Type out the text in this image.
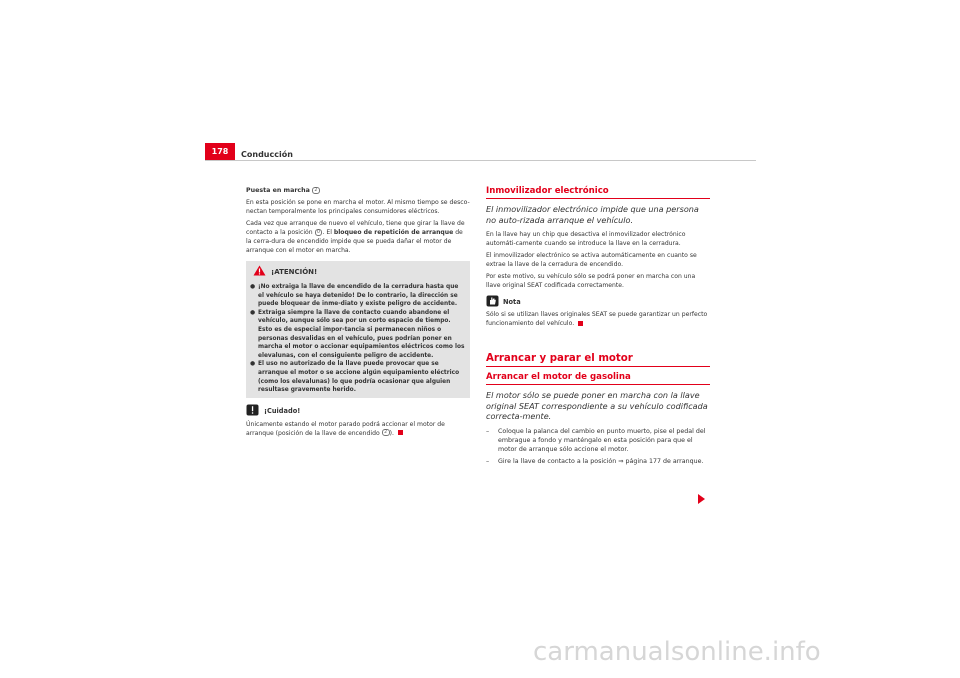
178	Conducción
Puesta en marcha 2
En esta posición se pone en marcha el motor. Al mismo tiempo se desco-nectan temporalmente los principales consumidores eléctricos.
Cada vez que arranque de nuevo el vehículo, tiene que girar la llave de contacto a la posición 0 . El bloqueo de repetición de arranque de la cerra-dura de encendido impide que se pueda dañar el motor de arranque con el motor en marcha.
¡ATENCIÓN!
● ¡No extraiga la llave de encendido de la cerradura hasta que el vehículo se haya detenido! De lo contrario, la dirección se puede bloquear de inme-diato y existe peligro de accidente.
● Extraiga siempre la llave de contacto cuando abandone el vehículo, aunque sólo sea por un corto espacio de tiempo. Esto es de especial impor-tancia si permanecen niños o personas desvalidas en el vehículo, pues podrían poner en marcha el motor o accionar equipamientos eléctricos como los elevalunas, con el consiguiente peligro de accidente.
● El uso no autorizado de la llave puede provocar que se arranque el motor o se accione algún equipamiento eléctrico (como los elevalunas) lo que podría ocasionar que alguien resultase gravemente herido.
¡Cuidado!
Únicamente estando el motor parado podrá accionar el motor de arranque (posición de la llave de encendido 2 ).
Inmovilizador electrónico
El inmovilizador electrónico impide que una persona no auto-rizada arranque el vehículo.
En la llave hay un chip que desactiva el inmovilizador electrónico automáti-camente cuando se introduce la llave en la cerradura.
El inmovilizador electrónico se activa automáticamente en cuanto se extrae la llave de la cerradura de encendido.
Por este motivo, su vehículo sólo se podrá poner en marcha con una llave original SEAT codificada correctamente.
Nota
Sólo si se utilizan llaves originales SEAT se puede garantizar un perfecto funcionamiento del vehículo.
Arrancar y parar el motor
Arrancar el motor de gasolina
El motor sólo se puede poner en marcha con la llave original SEAT correspondiente a su vehículo codificada correcta-mente.
–	Coloque la palanca del cambio en punto muerto, pise el pedal del embrague a fondo y manténgalo en esta posición para que el motor de arranque sólo accione el motor.
–	Gire la llave de contacto a la posición ⇒ página 177 de arranque.
carmanualsonline.info
